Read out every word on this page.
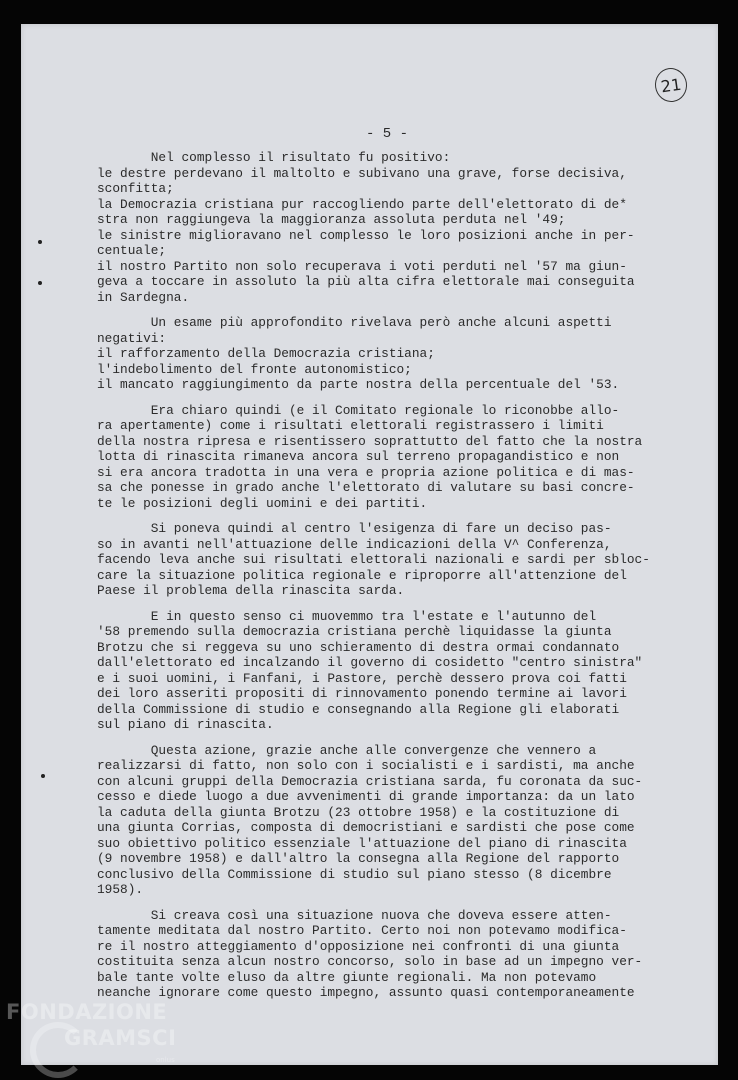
21
- 5 -
Nel complesso il risultato fu positivo:
le destre perdevano il maltolto e subivano una grave, forse decisiva,
sconfitta;
la Democrazia cristiana pur raccogliendo parte dell'elettorato di de*
stra non raggiungeva la maggioranza assoluta perduta nel '49;
le sinistre miglioravano nel complesso le loro posizioni anche in per-
centuale;
il nostro Partito non solo recuperava i voti perduti nel '57 ma giun-
geva a toccare in assoluto la più alta cifra elettorale mai conseguita
in Sardegna.
Un esame più approfondito rivelava però anche alcuni aspetti
negativi:
il rafforzamento della Democrazia cristiana;
l'indebolimento del fronte autonomistico;
il mancato raggiungimento da parte nostra della percentuale del '53.
Era chiaro quindi (e il Comitato regionale lo riconobbe allo-
ra apertamente) come i risultati elettorali registrassero i limiti
della nostra ripresa e risentissero soprattutto del fatto che la nostra
lotta di rinascita rimaneva ancora sul terreno propagandistico e non
si era ancora tradotta in una vera e propria azione politica e di mas-
sa che ponesse in grado anche l'elettorato di valutare su basi concre-
te le posizioni degli uomini e dei partiti.
Si poneva quindi al centro l'esigenza di fare un deciso pas-
so in avanti nell'attuazione delle indicazioni della V^ Conferenza,
facendo leva anche sui risultati elettorali nazionali e sardi per sbloc-
care la situazione politica regionale e riproporre all'attenzione del
Paese il problema della rinascita sarda.
E in questo senso ci muovemmo tra l'estate e l'autunno del
'58 premendo sulla democrazia cristiana perchè liquidasse la giunta
Brotzu che si reggeva su uno schieramento di destra ormai condannato
dall'elettorato ed incalzando il governo di cosidetto "centro sinistra"
e i suoi uomini, i Fanfani, i Pastore, perchè dessero prova coi fatti
dei loro asseriti propositi di rinnovamento ponendo termine ai lavori
della Commissione di studio e consegnando alla Regione gli elaborati
sul piano di rinascita.
Questa azione, grazie anche alle convergenze che vennero a
realizzarsi di fatto, non solo con i socialisti e i sardisti, ma anche
con alcuni gruppi della Democrazia cristiana sarda, fu coronata da suc-
cesso e diede luogo a due avvenimenti di grande importanza: da un lato
la caduta della giunta Brotzu (23 ottobre 1958) e la costituzione di
una giunta Corrias, composta di democristiani e sardisti che pose come
suo obiettivo politico essenziale l'attuazione del piano di rinascita
(9 novembre 1958) e dall'altro la consegna alla Regione del rapporto
conclusivo della Commissione di studio sul piano stesso (8 dicembre
1958).
Si creava così una situazione nuova che doveva essere atten-
tamente meditata dal nostro Partito. Certo noi non potevamo modifica-
re il nostro atteggiamento d'opposizione nei confronti di una giunta
costituita senza alcun nostro concorso, solo in base ad un impegno ver-
bale tante volte eluso da altre giunte regionali. Ma non potevamo
neanche ignorare come questo impegno, assunto quasi contemporaneamente
FONDAZIONE
GRAMSCI
onlus
